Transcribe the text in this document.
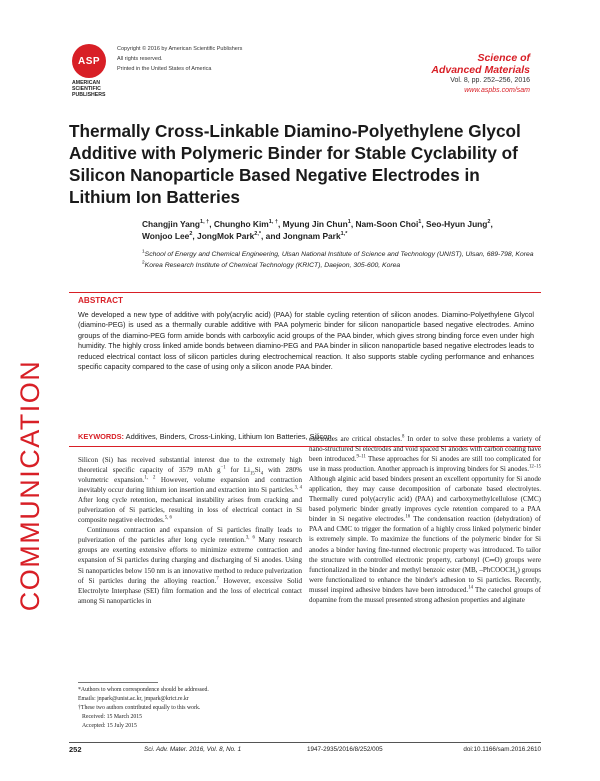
ASP
AMERICAN SCIENTIFIC PUBLISHERS
Copyright © 2016 by American Scientific Publishers
All rights reserved.
Printed in the United States of America
Science of
Advanced Materials
Vol. 8, pp. 252–256, 2016
www.aspbs.com/sam
COMMUNICATION
Thermally Cross-Linkable Diamino-Polyethylene Glycol Additive with Polymeric Binder for Stable Cyclability of Silicon Nanoparticle Based Negative Electrodes in Lithium Ion Batteries
Changjin Yang$^{1, \dagger}$, Chungho Kim$^{1, \dagger}$, Myung Jin Chun$^1$, Nam-Soon Choi$^1$, Seo-Hyun Jung$^2$,
Wonjoo Lee$^2$, JongMok Park$^{2,*}$, and Jongnam Park$^{1,*}$
$^1$School of Energy and Chemical Engineering, Ulsan National Institute of Science and Technology (UNIST), Ulsan, 689-798, Korea
$^2$Korea Research Institute of Chemical Technology (KRICT), Daejeon, 305-600, Korea
ABSTRACT
We developed a new type of additive with poly(acrylic acid) (PAA) for stable cycling retention of silicon anodes. Diamino-Polyethylene Glycol (diamino-PEG) is used as a thermally curable additive with PAA polymeric binder for silicon nanoparticle based negative electrodes. Amino groups of the diamino-PEG form amide bonds with carboxylic acid groups of the PAA binder, which gives strong binding force even under high humidity. The highly cross linked amide bonds between diamino-PEG and PAA binder in silicon nanoparticle based negative electrodes leads to reduced electrical contact loss of silicon particles during electrochemical reaction. It also supports stable cycling performance and enhances specific capacity compared to the case of using only a silicon anode PAA binder.
KEYWORDS: Additives, Binders, Cross-Linking, Lithium Ion Batteries, Silicon.

Silicon (Si) has received substantial interest due to the extremely high theoretical specific capacity of 3579 mAh $g^{-1}$ for $Li_{15}Si_4$ with 280% volumetric expansion.$^{1, 2}$ However, volume expansion and contraction inevitably occur during lithium ion insertion and extraction into Si particles.$^{3, 4}$ After long cycle retention, mechanical instability arises from cracking and pulverization of Si particles, resulting in loss of electrical contact in Si composite negative electrodes.$^{5, 6}$

Continuous contraction and expansion of Si particles finally leads to pulverization of the particles after long cycle retention.$^{3, 6}$ Many research groups are exerting extensive efforts to minimize extreme contraction and expansion of Si particles during charging and discharging of Si anodes. Using Si nanoparticles below 150 nm is an innovative method to reduce pulverization of Si particles during the alloying reaction.$^7$ However, excessive Solid Electrolyte Interphase (SEI) film formation and the loss of electrical contact among Si nanoparticles in

*Authors to whom correspondence should be addressed.

Emails: jnpark@unist.ac.kr, jmpark@krict.re.kr

†These two authors contributed equally to this work.

Received: 15 March 2015

Accepted: 15 July 2015

electrodes are critical obstacles.$^8$ In order to solve these problems a variety of nano-structured Si electrodes and void spaced Si anodes with carbon coating have been introduced.$^{9-11}$ These approaches for Si anodes are still too complicated for use in mass production. Another approach is improving binders for Si anodes.$^{12-15}$ Although alginic acid based binders present an excellent opportunity for Si anode application, they may cause decomposition of carbonate based electrolytes. Thermally cured poly(acrylic acid) (PAA) and carboxymethylcellulose (CMC) based polymeric binder greatly improves cycle retention compared to a PAA binder in Si negative electrodes.$^{16}$ The condensation reaction (dehydration) of PAA and CMC to trigger the formation of a highly cross linked polymeric binder is extremely simple. To maximize the functions of the polymeric binder for Si anodes a binder having fine-tunned electronic property was introduced. To tailor the structure with controlled electronic property, carbonyl (C═O) groups were functionalized in the binder and methyl benzoic ester (MB, –PhCOOCH$_3$) groups were functionalized to enhance the binder's adhesion to Si particles. Recently, mussel inspired adhesive binders have been introduced.$^{14}$ The catechol groups of dopamine from the mussel presented strong adhesion properties and alginate

252	Sci. Adv. Mater. 2016, Vol. 8, No. 1	1947-2935/2016/8/252/005	doi:10.1166/sam.2016.2610
